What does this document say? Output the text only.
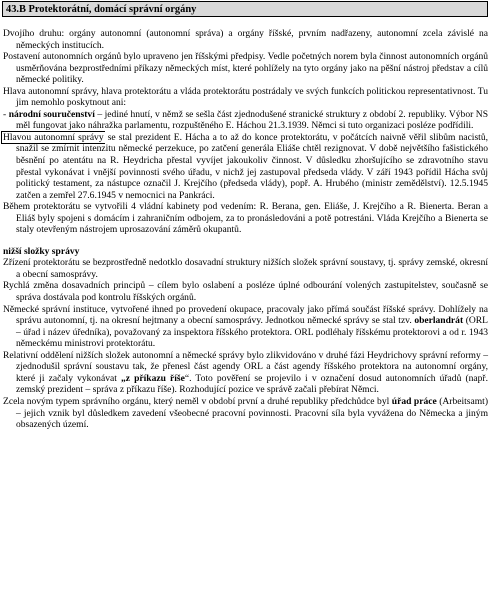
43.B Protektorátní, domácí správní orgány

Dvojího druhu: orgány autonomní (autonomní správa) a orgány říšské, prvním nadřazeny, autonomní zcela závislé na německých institucích.

Postavení autonomních orgánů bylo upraveno jen říšskými předpisy. Vedle početných norem byla činnost autonomních orgánů usměrňována bezprostředními příkazy německých míst, které pohlížely na tyto orgány jako na pěšní nástroj představ a cílů německé politiky.

Hlava autonomní správy, hlava protektorátu a vláda protektorátu postrádaly ve svých funkcích politickou representativnost. Tu jim nemohlo poskytnout ani:

- národní souručenství – jediné hnutí, v němž se sešla část zjednodušené stranické struktury z období 2. republiky. Výbor NS měl fungovat jako náhražka parlamentu, rozpuštěného E. Háchou 21.3.1939. Němci si tuto organizaci posléze podřídili.

Hlavou autonomní správy se stal prezident E. Hácha a to až do konce protektorátu, v počátcích naivně věřil slibům nacistů, snažil se zmírnit intenzitu německé perzekuce, po zatčení generála Eliáše chtěl rezignovat. V době největšího fašistického běsnění po atentátu na R. Heydricha přestal vyvíjet jakoukoliv činnost. V důsledku zhoršujícího se zdravotního stavu přestal vykonávat i vnější povinnosti svého úřadu, v nichž jej zastupoval předseda vlády. V září 1943 pořídil Hácha svůj politický testament, za nástupce označil J. Krejčího (předseda vlády), popř. A. Hrubého (ministr zemědělství). 12.5.1945 zatčen a zemřel 27.6.1945 v nemocnici na Pankráci.

Během protektorátu se vytvořili 4 vládní kabinety pod vedením: R. Berana, gen. Eliáše, J. Krejčího a R. Bienerta. Beran a Eliáš byly spojeni s domácím i zahraničním odbojem, za to pronásledováni a potě potrestáni. Vláda Krejčího a Bienerta se staly otevřeným nástrojem uprosazování záměrů okupantů.

nižší složky správy

Zřízení protektorátu se bezprostředně nedotklo dosavadní struktury nižších složek správní soustavy, tj. správy zemské, okresní a obecní samosprávy.

Rychlá změna dosavadních principů – cílem bylo oslabení a posléze úplné odbourání volených zastupitelstev, současně se správa dostávala pod kontrolu říšských orgánů.

Německé správní instituce, vytvořené ihned po provedení okupace, pracovaly jako přímá součást říšské správy. Dohlížely na správu autonomní, tj. na okresní hejtmany a obecní samosprávy. Jednotkou německé správy se stal tzv. oberlandrát (ORL – úřad i název úředníka), považovaný za inspektora říšského protektora. ORL podléhaly říšskému protektorovi a od r. 1943 německému ministrovi protektorátu.

Relativní oddělení nižších složek autonomní a německé správy bylo zlikvidováno v druhé fázi Heydrichovy správní reformy – zjednodušil správní soustavu tak, že přenesl část agendy ORL a část agendy říšského protektora na autonomní orgány, které ji začaly vykonávat „z příkazu říše“. Toto pověření se projevilo i v označení dosud autonomních úřadů (např. zemský prezident – správa z příkazu říše). Rozhodující pozice ve správě začali přebírat Němci.

Zcela novým typem správního orgánu, který neměl v období první a druhé republiky předchůdce byl úřad práce (Arbeitsamt) – jejich vznik byl důsledkem zavedení všeobecné pracovní povinnosti. Pracovní síla byla vyvážena do Německa a jiným obsazených území.
